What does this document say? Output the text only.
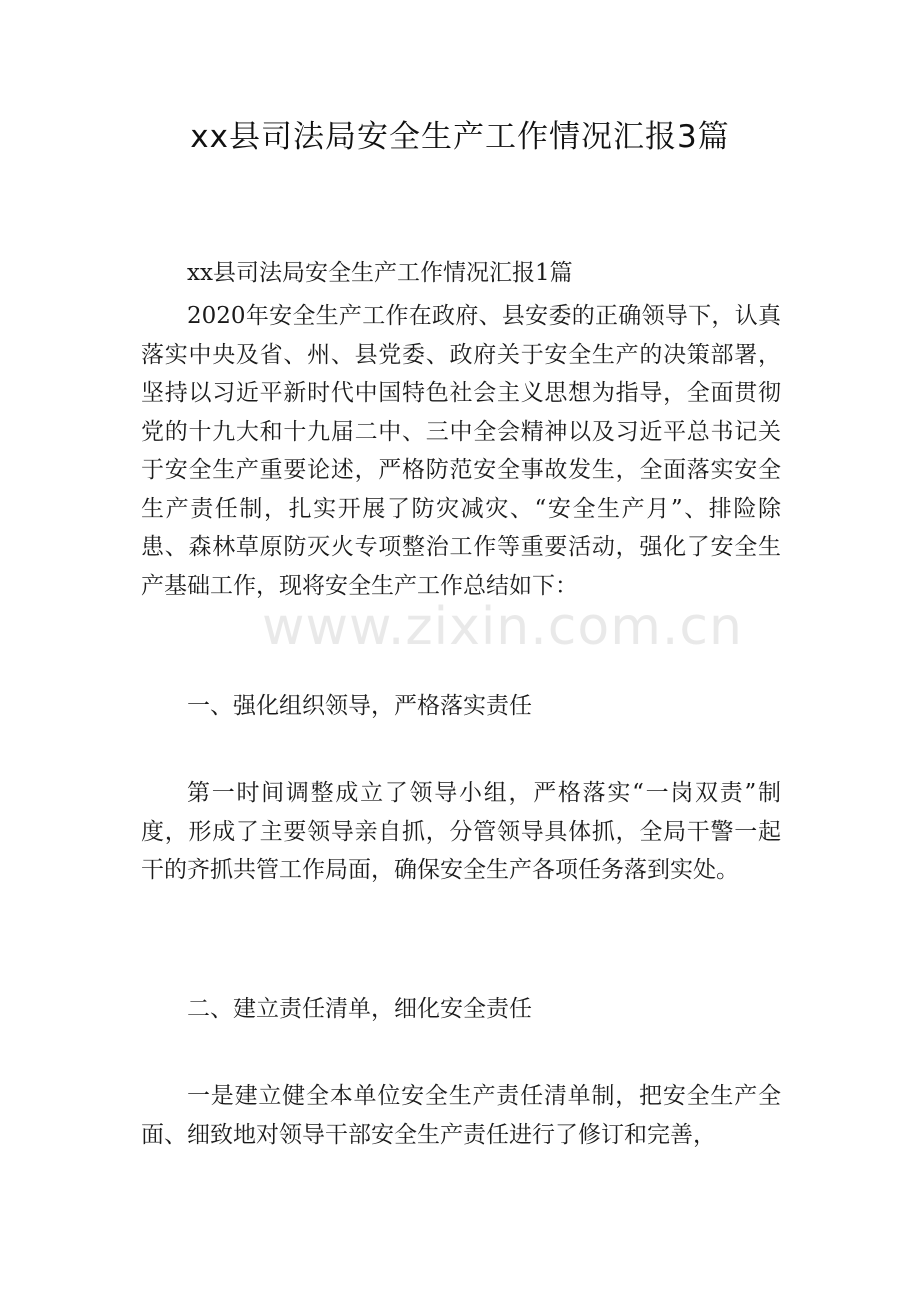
xx县司法局安全生产工作情况汇报3篇

xx县司法局安全生产工作情况汇报1篇

2020年安全生产工作在政府、县安委的正确领导下，认真落实中央及省、州、县党委、政府关于安全生产的决策部署，坚持以习近平新时代中国特色社会主义思想为指导，全面贯彻党的十九大和十九届二中、三中全会精神以及习近平总书记关于安全生产重要论述，严格防范安全事故发生，全面落实安全生产责任制，扎实开展了防灾减灾、“安全生产月”、排险除患、森林草原防灭火专项整治工作等重要活动，强化了安全生产基础工作，现将安全生产工作总结如下：

一、强化组织领导，严格落实责任

第一时间调整成立了领导小组，严格落实“一岗双责”制度，形成了主要领导亲自抓，分管领导具体抓，全局干警一起干的齐抓共管工作局面，确保安全生产各项任务落到实处。

二、建立责任清单，细化安全责任

一是建立健全本单位安全生产责任清单制，把安全生产全面、细致地对领导干部安全生产责任进行了修订和完善，

www.zixin.com.cn
